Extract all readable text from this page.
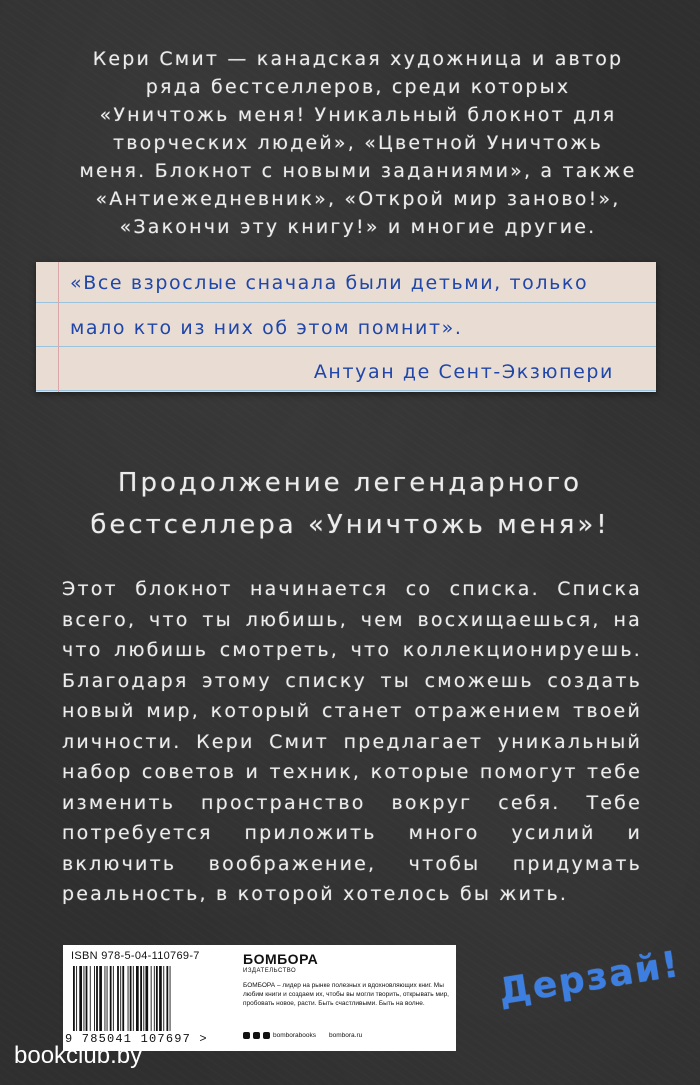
Кери Смит — канадская художница и автор ряда бестселлеров, среди которых «Уничтожь меня! Уникальный блокнот для творческих людей», «Цветной Уничтожь меня. Блокнот с новыми заданиями», а также «Антиежедневник», «Открой мир заново!», «Закончи эту книгу!» и многие другие.

«Все взрослые сначала были детьми, только

мало кто из них об этом помнит».

Антуан де Сент-Экзюпери

Продолжение легендарного
бестселлера «Уничтожь меня»!

Этот блокнот начинается со списка. Списка всего, что ты любишь, чем восхищаешься, на что любишь смотреть, что коллекционируешь. Благодаря этому списку ты сможешь создать новый мир, который станет отражением твоей личности. Кери Смит предлагает уникальный набор советов и техник, которые помогут тебе изменить пространство вокруг себя. Тебе потребуется приложить много усилий и включить воображение, чтобы придумать реальность, в которой хотелось бы жить.

ISBN 978-5-04-110769-7

9 785041 107697 >

БОМБОРА

ИЗДАТЕЛЬСТВО

БОМБОРА – лидер на рынке полезных и вдохновляющих книг. Мы любим книги и создаем их, чтобы вы могли творить, открывать мир, пробовать новое, расти. Быть счастливыми. Быть на волне.

bomborabooks bombora.ru

Дерзай!

bookclub.by
